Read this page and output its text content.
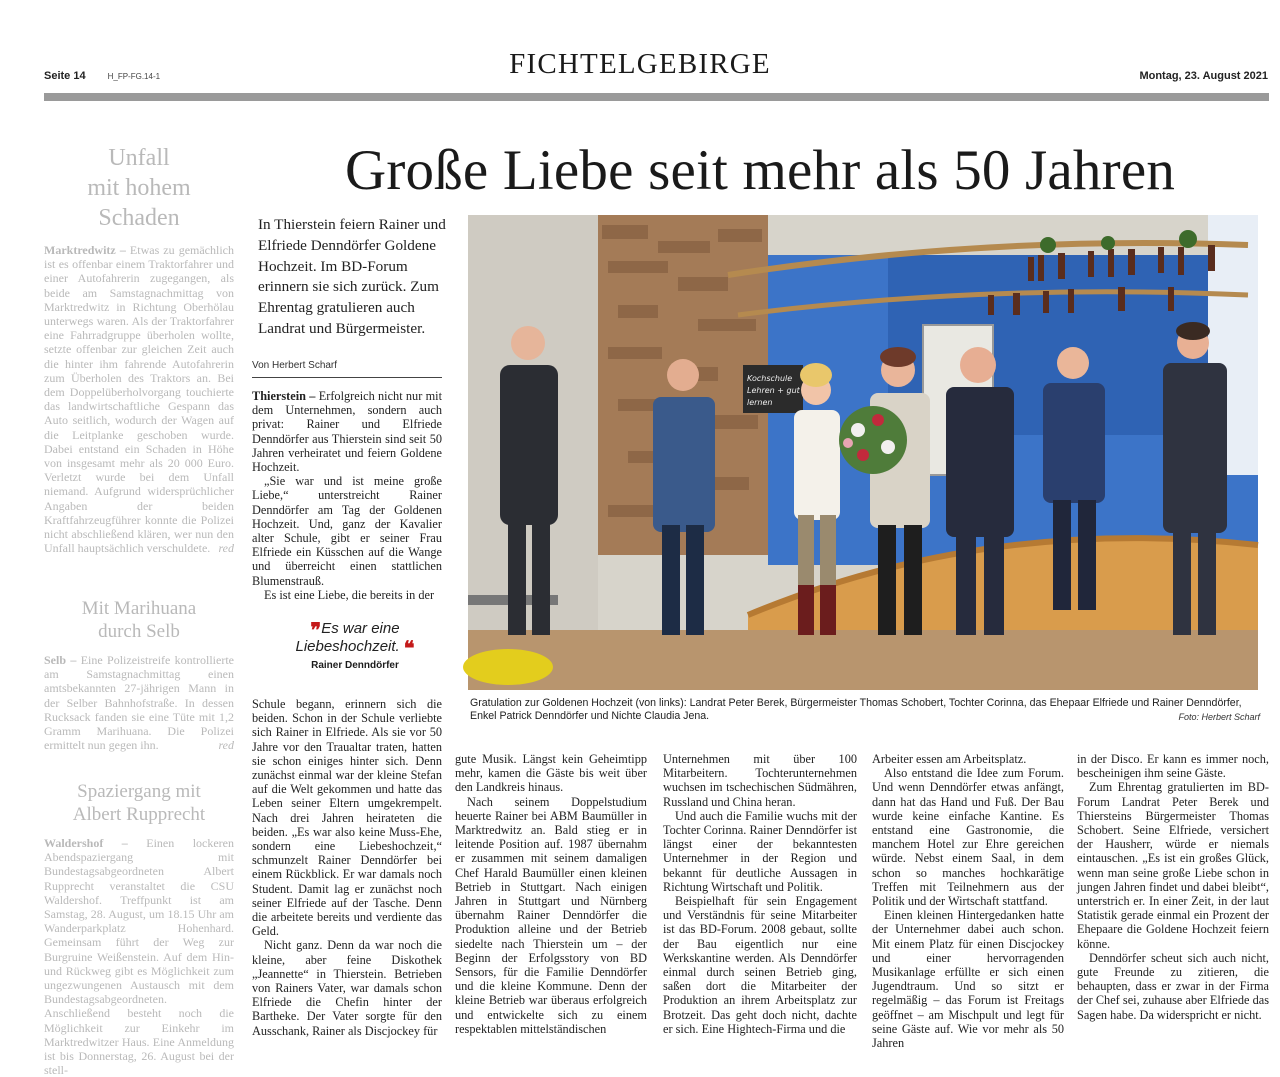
Seite 14	H_FP-FG.14-1	FICHTELGEBIRGE	Montag, 23. August 2021
Unfall
mit hohem
Schaden

Marktredwitz – Etwas zu gemächlich ist es offenbar einem Traktorfahrer und einer Autofahrerin zugegangen, als beide am Samstagnachmittag von Marktredwitz in Richtung Oberhölau unterwegs waren. Als der Traktorfahrer eine Fahrradgruppe überholen wollte, setzte offenbar zur gleichen Zeit auch die hinter ihm fahrende Autofahrerin zum Überholen des Traktors an. Bei dem Doppelüberholvorgang touchierte das landwirtschaftliche Gespann das Auto seitlich, wodurch der Wagen auf die Leitplanke geschoben wurde. Dabei entstand ein Schaden in Höhe von insgesamt mehr als 20 000 Euro. Verletzt wurde bei dem Unfall niemand. Aufgrund widersprüchlicher Angaben der beiden Kraftfahrzeugführer konnte die Polizei nicht abschließend klären, wer nun den Unfall hauptsächlich verschuldete. red

Mit Marihuana
durch Selb

Selb – Eine Polizeistreife kontrollierte am Samstagnachmittag einen amtsbekannten 27-jährigen Mann in der Selber Bahnhofstraße. In dessen Rucksack fanden sie eine Tüte mit 1,2 Gramm Marihuana. Die Polizei ermittelt nun gegen ihn.	red

Spaziergang mit
Albert Rupprecht

Waldershof – Einen lockeren Abendspaziergang mit Bundestagsabgeordneten Albert Rupprecht veranstaltet die CSU Waldershof. Treffpunkt ist am Samstag, 28. August, um 18.15 Uhr am Wanderparkplatz Hohenhard. Gemeinsam führt der Weg zur Burgruine Weißenstein. Auf dem Hin- und Rückweg gibt es Möglichkeit zum ungezwungenen Austausch mit dem Bundestagsabgeordneten. Anschließend besteht noch die Möglichkeit zur Einkehr im Marktredwitzer Haus. Eine Anmeldung ist bis Donnerstag, 26. August bei der stell-

Große Liebe seit mehr als 50 Jahren
In Thierstein feiern Rainer und Elfriede Denndörfer Goldene Hochzeit. Im BD-Forum erinnern sie sich zurück. Zum Ehrentag gratulieren auch Landrat und Bürgermeister.
Von Herbert Scharf

Thierstein – Erfolgreich nicht nur mit dem Unternehmen, sondern auch privat: Rainer und Elfriede Denndörfer aus Thierstein sind seit 50 Jahren verheiratet und feiern Goldene Hochzeit.

„Sie war und ist meine große Liebe,“ unterstreicht Rainer Denndörfer am Tag der Goldenen Hochzeit. Und, ganz der Kavalier alter Schule, gibt er seiner Frau Elfriede ein Küsschen auf die Wange und überreicht einen stattlichen Blumenstrauß.

Es ist eine Liebe, die bereits in der

❞Es war eine Liebeshochzeit. ❝
Rainer Denndörfer

Schule begann, erinnern sich die beiden. Schon in der Schule verliebte sich Rainer in Elfriede. Als sie vor 50 Jahre vor den Traualtar traten, hatten sie schon einiges hinter sich. Denn zunächst einmal war der kleine Stefan auf die Welt gekommen und hatte das Leben seiner Eltern umgekrempelt. Nach drei Jahren heirateten die beiden. „Es war also keine Muss-Ehe, sondern eine Liebeshochzeit,“ schmunzelt Rainer Denndörfer bei einem Rückblick. Er war damals noch Student. Damit lag er zunächst noch seiner Elfriede auf der Tasche. Denn die arbeitete bereits und verdiente das Geld.

Nicht ganz. Denn da war noch die kleine, aber feine Diskothek „Jeannette“ in Thierstein. Betrieben von Rainers Vater, war damals schon Elfriede die Chefin hinter der Bartheke. Der Vater sorgte für den Ausschank, Rainer als Discjockey für

Kochschule
Lehren + gut
lernen
Gratulation zur Goldenen Hochzeit (von links): Landrat Peter Berek, Bürgermeister Thomas Schobert, Tochter Corinna, das Ehepaar Elfriede und Rainer Denndörfer, Enkel Patrick Denndörfer und Nichte Claudia Jena.	Foto: Herbert Scharf

gute Musik. Längst kein Geheimtipp mehr, kamen die Gäste bis weit über den Landkreis hinaus.

Nach seinem Doppelstudium heuerte Rainer bei ABM Baumüller in Marktredwitz an. Bald stieg er in leitende Position auf. 1987 übernahm er zusammen mit seinem damaligen Chef Harald Baumüller einen kleinen Betrieb in Stuttgart. Nach einigen Jahren in Stuttgart und Nürnberg übernahm Rainer Denndörfer die Produktion alleine und der Betrieb siedelte nach Thierstein um – der Beginn der Erfolgsstory von BD Sensors, für die Familie Denndörfer und die kleine Kommune. Denn der kleine Betrieb war überaus erfolgreich und entwickelte sich zu einem respektablen mittelständischen

Unternehmen mit über 100 Mitarbeitern. Tochterunternehmen wuchsen im tschechischen Südmähren, Russland und China heran.

Und auch die Familie wuchs mit der Tochter Corinna. Rainer Denndörfer ist längst einer der bekanntesten Unternehmer in der Region und bekannt für deutliche Aussagen in Richtung Wirtschaft und Politik.

Beispielhaft für sein Engagement und Verständnis für seine Mitarbeiter ist das BD-Forum. 2008 gebaut, sollte der Bau eigentlich nur eine Werkskantine werden. Als Denndörfer einmal durch seinen Betrieb ging, saßen dort die Mitarbeiter der Produktion an ihrem Arbeitsplatz zur Brotzeit. Das geht doch nicht, dachte er sich. Eine Hightech-Firma und die

Arbeiter essen am Arbeitsplatz.

Also entstand die Idee zum Forum. Und wenn Denndörfer etwas anfängt, dann hat das Hand und Fuß. Der Bau wurde keine einfache Kantine. Es entstand eine Gastronomie, die manchem Hotel zur Ehre gereichen würde. Nebst einem Saal, in dem schon so manches hochkarätige Treffen mit Teilnehmern aus der Politik und der Wirtschaft stattfand.

Einen kleinen Hintergedanken hatte der Unternehmer dabei auch schon. Mit einem Platz für einen Discjockey und einer hervorragenden Musikanlage erfüllte er sich einen Jugendtraum. Und so sitzt er regelmäßig – das Forum ist Freitags geöffnet – am Mischpult und legt für seine Gäste auf. Wie vor mehr als 50 Jahren

in der Disco. Er kann es immer noch, bescheinigen ihm seine Gäste.

Zum Ehrentag gratulierten im BD-Forum Landrat Peter Berek und Thiersteins Bürgermeister Thomas Schobert. Seine Elfriede, versichert der Hausherr, würde er niemals eintauschen. „Es ist ein großes Glück, wenn man seine große Liebe schon in jungen Jahren findet und dabei bleibt“, unterstrich er. In einer Zeit, in der laut Statistik gerade einmal ein Prozent der Ehepaare die Goldene Hochzeit feiern könne.

Denndörfer scheut sich auch nicht, gute Freunde zu zitieren, die behaupten, dass er zwar in der Firma der Chef sei, zuhause aber Elfriede das Sagen habe. Da widerspricht er nicht.
